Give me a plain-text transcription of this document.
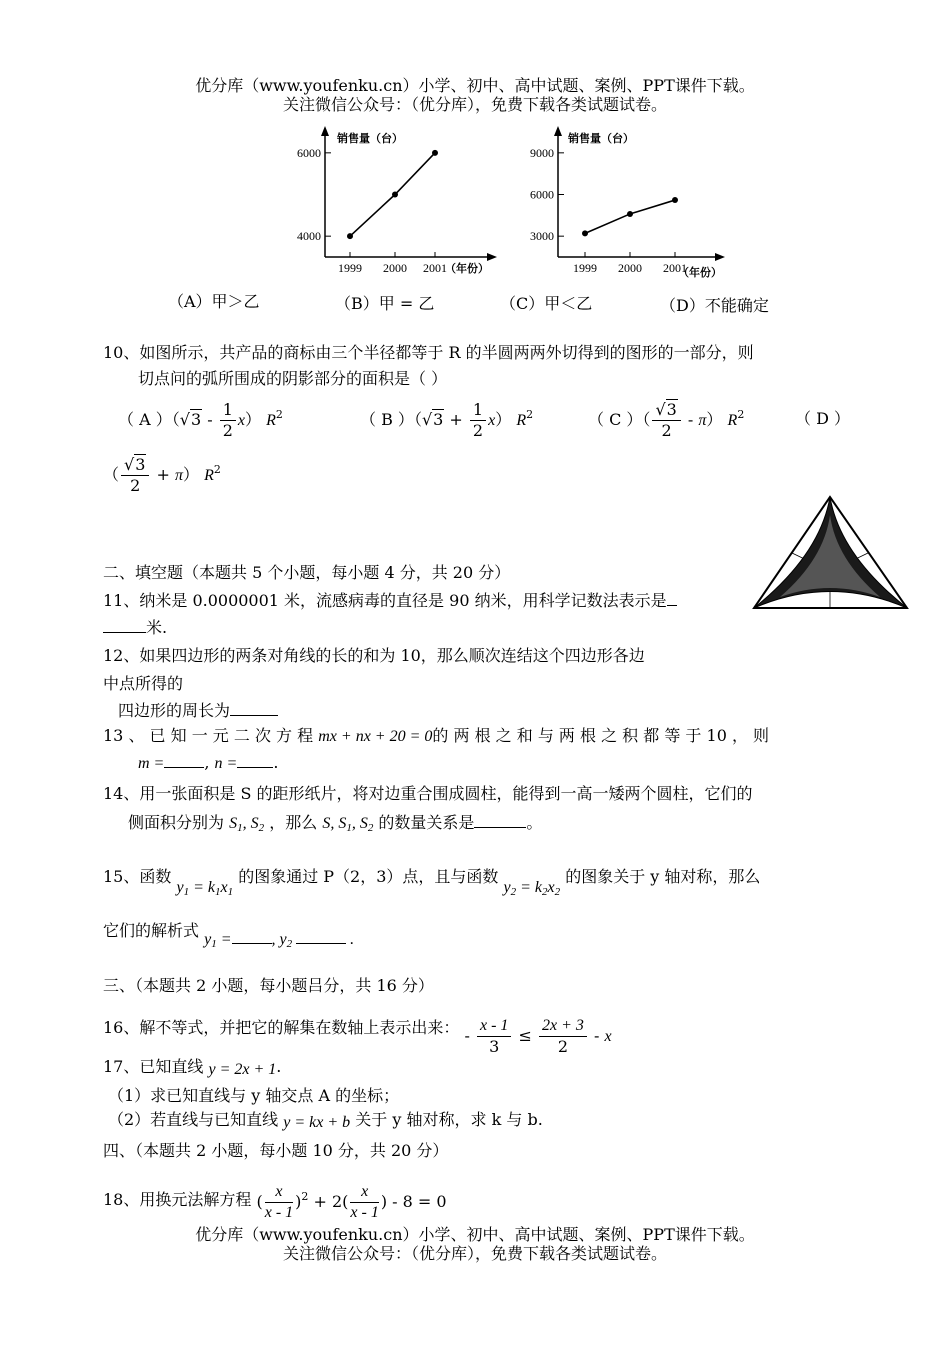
优分库（www.youfenku.cn）小学、初中、高中试题、案例、PPT课件下载。
关注微信公众号：（优分库），免费下载各类试题试卷。
销售量（台）
（年份）
4000
6000
1999 2000 2001
销售量（台）
（年份）
3000
6000
9000
1999 2000 2001
（A）甲＞乙	（B）甲 = 乙	（C）甲＜乙	（D）不能确定
10、如图所示，共产品的商标由三个半径都等于 R 的半圆两两外切得到的图形的一部分，则
切点问的弧所围成的阴影部分的面积是（ ）
（ A ）$(√3 - \frac{1}{2} x)$ $R^2$	（ B ）$(√3 + \frac{1}{2} x)$ $R^2$	（ C ）（ $\frac{√3}{2} - \pi$） $R^2$	（ D ）
（ $\frac{√3}{2} + \pi$） $R^2$
二、填空题（本题共 5 个小题，每小题 4 分，共 20 分）
11、纳米是 0.0000001 米，流感病毒的直径是 90 纳米，用科学记数法表示是
米.
12、如果四边形的两条对角线的长的和为 10，那么顺次连结这个四边形各边
中点所得的
四边形的周长为
13 、 已 知 一 元 二 次 方 程 mx + nx + 20 = 0的 两 根 之 和 与 两 根 之 积 都 等 于 10 ， 则
m =	, n = .
14、用一张面积是 S 的距形纸片，将对边重合围成圆柱，能得到一高一矮两个圆柱，它们的
侧面积分别为 $S_1$, $S_2$ ，那么 S, $S_1$, $S_2$ 的数量关系是	。
15、函数 $y_1 = k_1x_1$ 的图象通过 P（2，3）点，且与函数 $y_2 = k_2x_2$ 的图象关于 y 轴对称，那么
它们的解析式 $y_1$ =	, $y_2$	.
三、（本题共 2 小题，每小题吕分，共 16 分）
16、解不等式，并把它的解集在数轴上表示出来： - $\frac{x - 1}{3} \le \frac{2x + 3}{2} - x$
17、已知直线 y = 2x + 1.
（1）求已知直线与 y 轴交点 A 的坐标；
（2）若直线与已知直线 y = kx + b 关于 y 轴对称，求 k 与 b.
四、（本题共 2 小题，每小题 10 分，共 20 分）
18、用换元法解方程 ( $\frac{x}{x - 1} )^2 + 2( \frac{x}{x - 1}$ ) - 8 = 0
优分库（www.youfenku.cn）小学、初中、高中试题、案例、PPT课件下载。
关注微信公众号：（优分库），免费下载各类试题试卷。
